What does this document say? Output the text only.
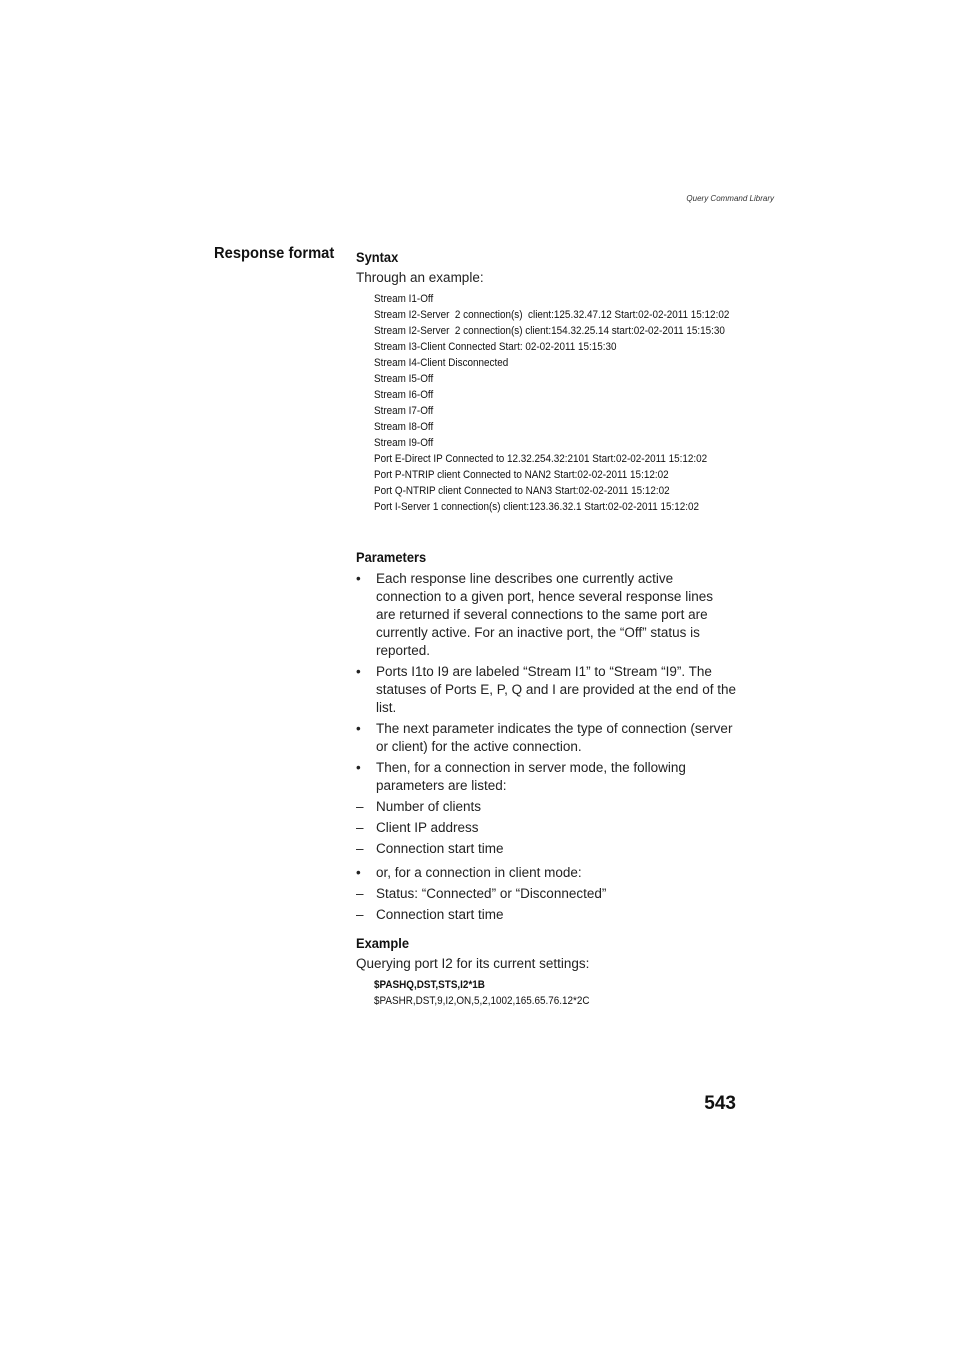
Query Command Library
Response format Syntax

Through an example:

Stream I1-Off
Stream I2-Server  2 connection(s)  client:125.32.47.12 Start:02-02-2011 15:12:02
Stream I2-Server  2 connection(s) client:154.32.25.14 start:02-02-2011 15:15:30
Stream I3-Client Connected Start: 02-02-2011 15:15:30
Stream I4-Client Disconnected
Stream I5-Off
Stream I6-Off
Stream I7-Off
Stream I8-Off
Stream I9-Off
Port E-Direct IP Connected to 12.32.254.32:2101 Start:02-02-2011 15:12:02
Port P-NTRIP client Connected to NAN2 Start:02-02-2011 15:12:02
Port Q-NTRIP client Connected to NAN3 Start:02-02-2011 15:12:02
Port I-Server 1 connection(s) client:123.36.32.1 Start:02-02-2011 15:12:02
Parameters
• Each response line describes one currently active connection to a given port, hence several response lines are returned if several connections to the same port are currently active. For an inactive port, the “Off” status is reported.
• Ports I1to I9 are labeled “Stream I1” to “Stream “I9”. The statuses of Ports E, P, Q and I are provided at the end of the list.
• The next parameter indicates the type of connection (server or client) for the active connection.
• Then, for a connection in server mode, the following parameters are listed:
– Number of clients
– Client IP address
– Connection start time
• or, for a connection in client mode:
– Status: “Connected” or “Disconnected”
– Connection start time
Example

Querying port I2 for its current settings:

$PASHQ,DST,STS,I2*1B
$PASHR,DST,9,I2,ON,5,2,1002,165.65.76.12*2C
543
